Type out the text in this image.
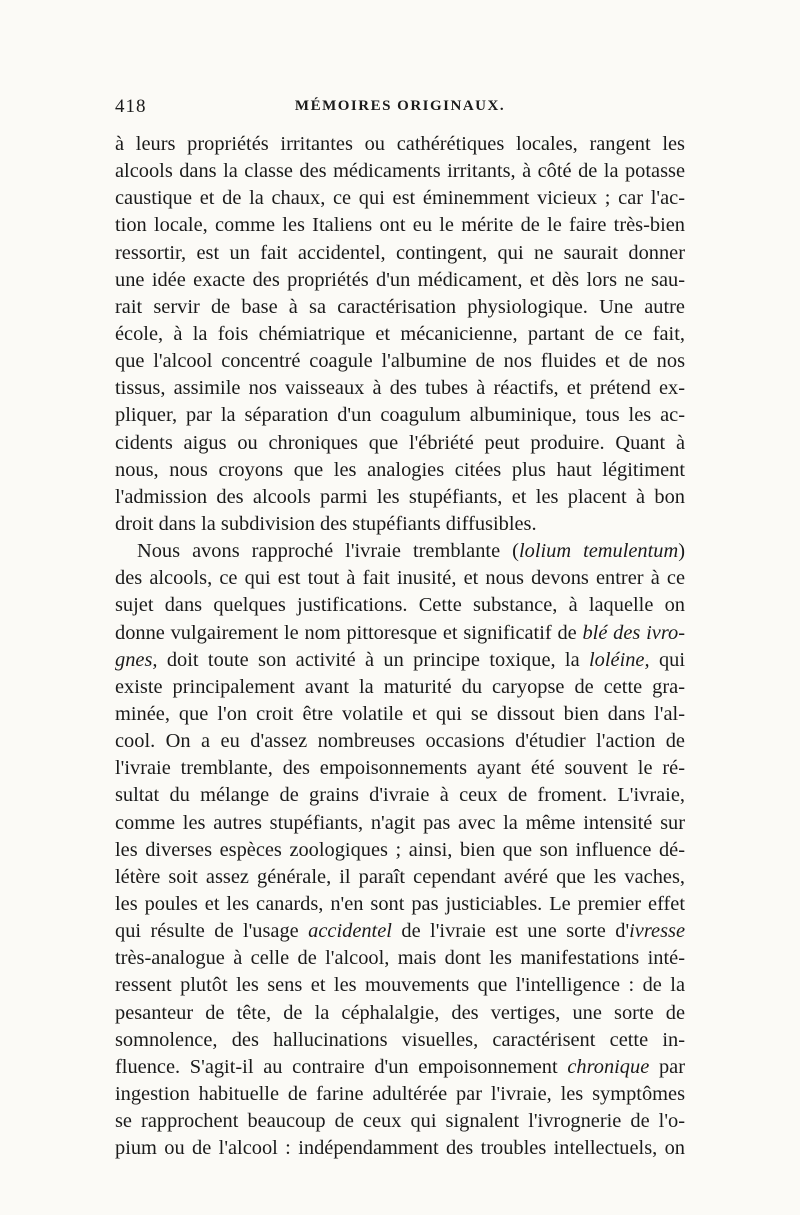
418	MÉMOIRES ORIGINAUX.
à leurs propriétés irritantes ou cathérétiques locales, rangent les
alcools dans la classe des médicaments irritants, à côté de la potasse
caustique et de la chaux, ce qui est éminemment vicieux ; car l'ac-
tion locale, comme les Italiens ont eu le mérite de le faire très-bien
ressortir, est un fait accidentel, contingent, qui ne saurait donner
une idée exacte des propriétés d'un médicament, et dès lors ne sau-
rait servir de base à sa caractérisation physiologique. Une autre
école, à la fois chémiatrique et mécanicienne, partant de ce fait,
que l'alcool concentré coagule l'albumine de nos fluides et de nos
tissus, assimile nos vaisseaux à des tubes à réactifs, et prétend ex-
pliquer, par la séparation d'un coagulum albuminique, tous les ac-
cidents aigus ou chroniques que l'ébriété peut produire. Quant à
nous, nous croyons que les analogies citées plus haut légitiment
l'admission des alcools parmi les stupéfiants, et les placent à bon
droit dans la subdivision des stupéfiants diffusibles.
Nous avons rapproché l'ivraie tremblante (lolium temulentum)
des alcools, ce qui est tout à fait inusité, et nous devons entrer à ce
sujet dans quelques justifications. Cette substance, à laquelle on
donne vulgairement le nom pittoresque et significatif de blé des ivro-
gnes, doit toute son activité à un principe toxique, la loléine, qui
existe principalement avant la maturité du caryopse de cette gra-
minée, que l'on croit être volatile et qui se dissout bien dans l'al-
cool. On a eu d'assez nombreuses occasions d'étudier l'action de
l'ivraie tremblante, des empoisonnements ayant été souvent le ré-
sultat du mélange de grains d'ivraie à ceux de froment. L'ivraie,
comme les autres stupéfiants, n'agit pas avec la même intensité sur
les diverses espèces zoologiques ; ainsi, bien que son influence dé-
létère soit assez générale, il paraît cependant avéré que les vaches,
les poules et les canards, n'en sont pas justiciables. Le premier effet
qui résulte de l'usage accidentel de l'ivraie est une sorte d'ivresse
très-analogue à celle de l'alcool, mais dont les manifestations inté-
ressent plutôt les sens et les mouvements que l'intelligence : de la
pesanteur de tête, de la céphalalgie, des vertiges, une sorte de
somnolence, des hallucinations visuelles, caractérisent cette in-
fluence. S'agit-il au contraire d'un empoisonnement chronique par
ingestion habituelle de farine adultérée par l'ivraie, les symptômes
se rapprochent beaucoup de ceux qui signalent l'ivrognerie de l'o-
pium ou de l'alcool : indépendamment des troubles intellectuels, on
